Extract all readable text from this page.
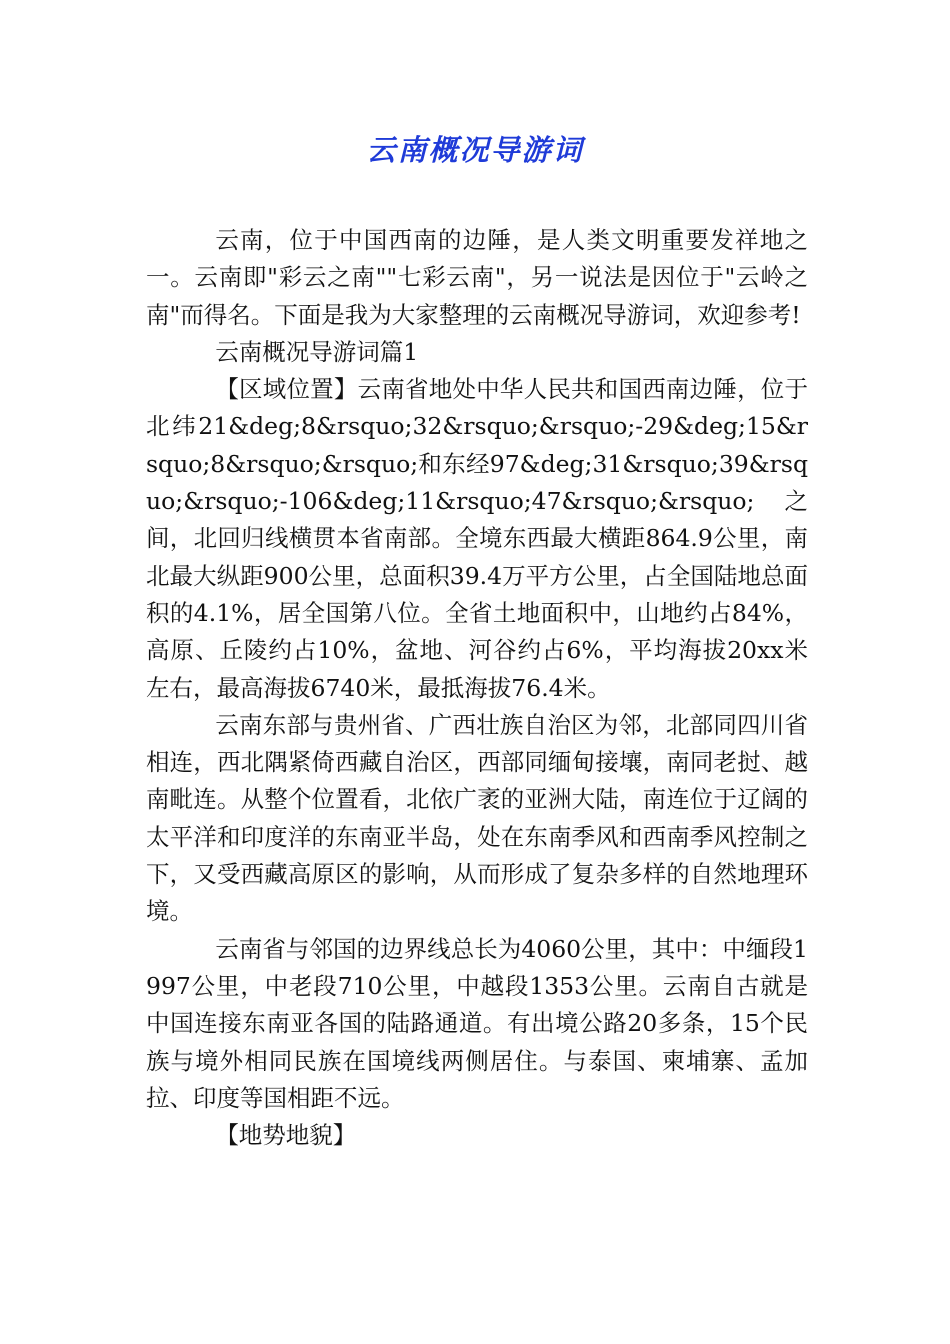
云南概况导游词

云南，位于中国西南的边陲，是人类文明重要发祥地之一。云南即"彩云之南""七彩云南"，另一说法是因位于"云岭之南"而得名。下面是我为大家整理的云南概况导游词，欢迎参考!

云南概况导游词篇1

【区域位置】云南省地处中华人民共和国西南边陲，位于北纬21&deg;8&rsquo;32&rsquo;&rsquo;-29&deg;15&rsquo;8&rsquo;&rsquo;和东经97&deg;31&rsquo;39&rsquo;&rsquo;-106&deg;11&rsquo;47&rsquo;&rsquo;之间，北回归线横贯本省南部。全境东西最大横距864.9公里，南北最大纵距900公里，总面积39.4万平方公里，占全国陆地总面积的4.1%，居全国第八位。全省土地面积中，山地约占84%，高原、丘陵约占10%，盆地、河谷约占6%，平均海拔20xx米左右，最高海拔6740米，最抵海拔76.4米。

云南东部与贵州省、广西壮族自治区为邻，北部同四川省相连，西北隅紧倚西藏自治区，西部同缅甸接壤，南同老挝、越南毗连。从整个位置看，北依广袤的亚洲大陆，南连位于辽阔的太平洋和印度洋的东南亚半岛，处在东南季风和西南季风控制之下，又受西藏高原区的影响，从而形成了复杂多样的自然地理环境。

云南省与邻国的边界线总长为4060公里，其中：中缅段1997公里，中老段710公里，中越段1353公里。云南自古就是中国连接东南亚各国的陆路通道。有出境公路20多条，15个民族与境外相同民族在国境线两侧居住。与泰国、柬埔寨、孟加拉、印度等国相距不远。

【地势地貌】
